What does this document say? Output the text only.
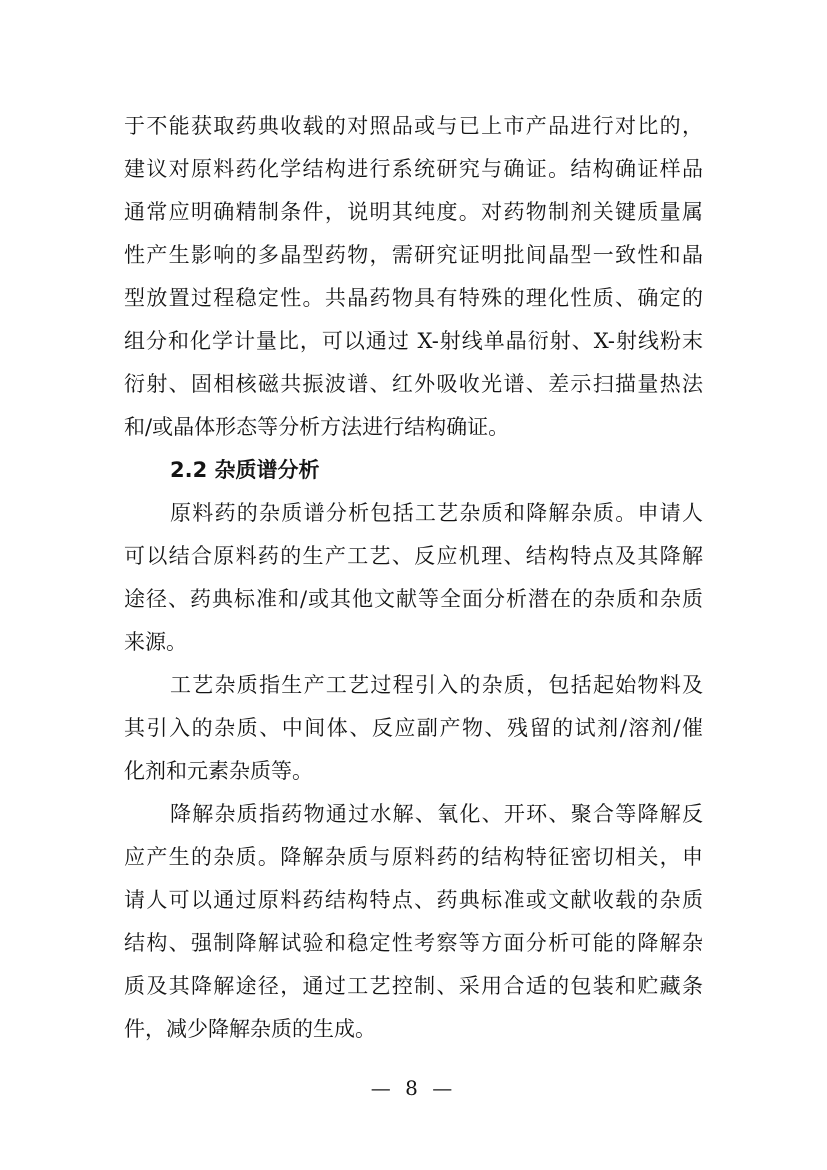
于不能获取药典收载的对照品或与已上市产品进行对比的，
建议对原料药化学结构进行系统研究与确证。结构确证样品
通常应明确精制条件，说明其纯度。对药物制剂关键质量属
性产生影响的多晶型药物，需研究证明批间晶型一致性和晶
型放置过程稳定性。共晶药物具有特殊的理化性质、确定的
组分和化学计量比，可以通过 X-射线单晶衍射、X-射线粉末
衍射、固相核磁共振波谱、红外吸收光谱、差示扫描量热法
和/或晶体形态等分析方法进行结构确证。
2.2 杂质谱分析
原料药的杂质谱分析包括工艺杂质和降解杂质。申请人
可以结合原料药的生产工艺、反应机理、结构特点及其降解
途径、药典标准和/或其他文献等全面分析潜在的杂质和杂质
来源。
工艺杂质指生产工艺过程引入的杂质，包括起始物料及
其引入的杂质、中间体、反应副产物、残留的试剂/溶剂/催
化剂和元素杂质等。
降解杂质指药物通过水解、氧化、开环、聚合等降解反
应产生的杂质。降解杂质与原料药的结构特征密切相关，申
请人可以通过原料药结构特点、药典标准或文献收载的杂质
结构、强制降解试验和稳定性考察等方面分析可能的降解杂
质及其降解途径，通过工艺控制、采用合适的包装和贮藏条
件，减少降解杂质的生成。
— 8 —
